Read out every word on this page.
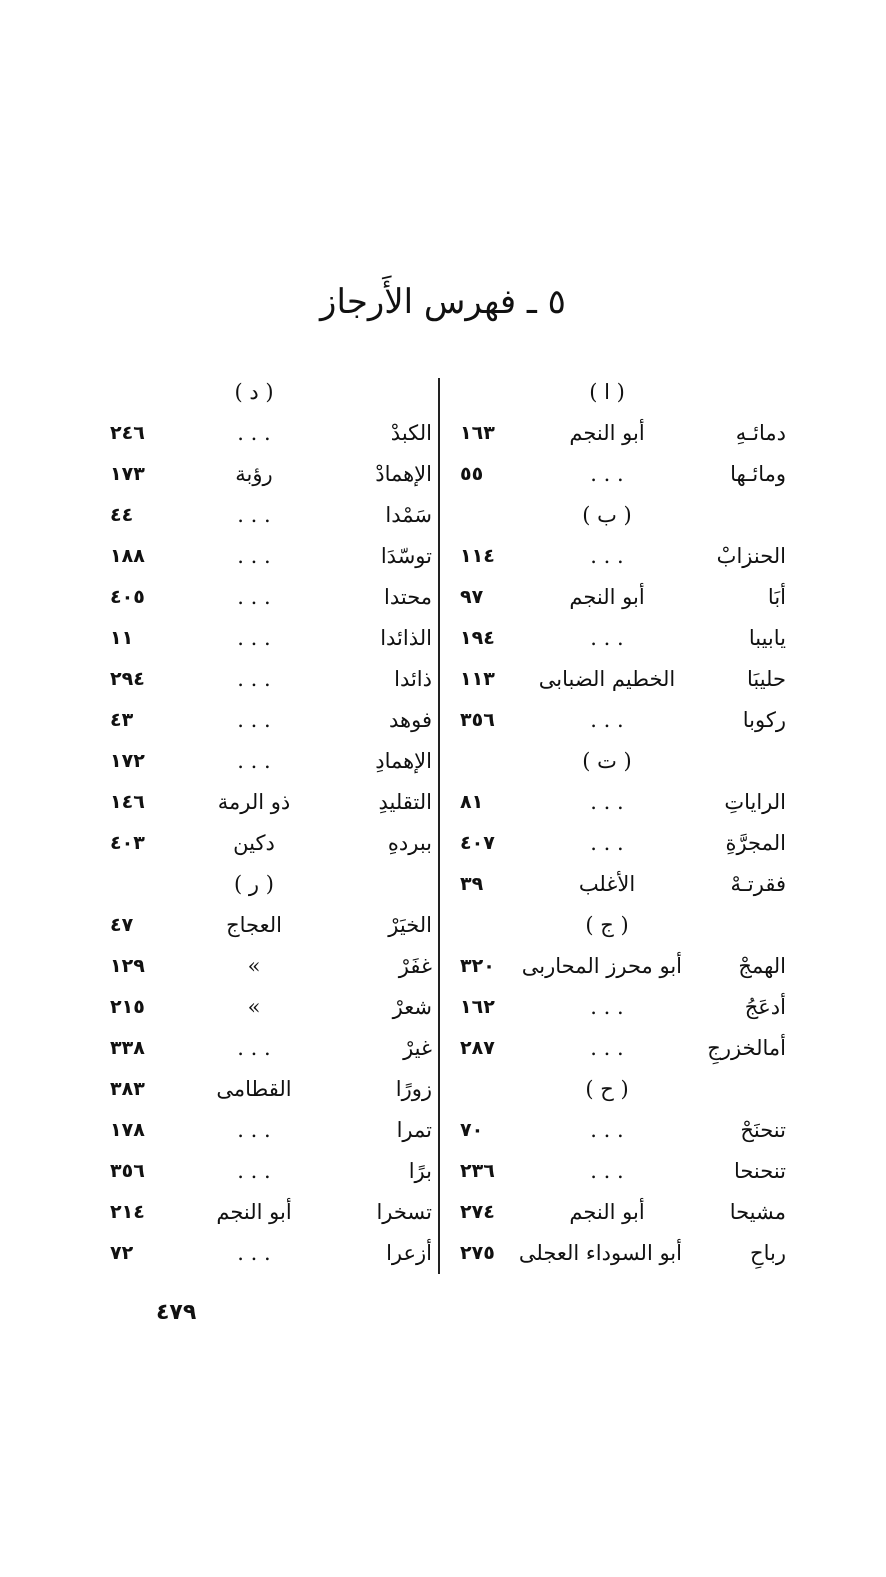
٥ ـ فهرس الأَرجاز
( ا )
دمائـهِ
أبو النجم
١٦٣
ومائـها
. . .
٥٥
( ب )
الحنزابْ
. . .
١١٤
أبَا
أبو النجم
٩٧
يابيبا
. . .
١٩٤
حليبَا
الخطيم الضبابى
١١٣
ركوبا
. . .
٣٥٦
( ت )
الراياتِ
. . .
٨١
المجرَّةِ
. . .
٤٠٧
فقرتـهْ
الأغلب
٣٩
( ج )
الهمجْ
أبو محرز المحاربى
٣٢٠
أدعَجُ
. . .
١٦٢
أمالخزرجِ
. . .
٢٨٧
( ح )
تنحنَحْ
. . .
٧٠
تنحنحا
. . .
٢٣٦
مشيحا
أبو النجم
٢٧٤
رباحِ
أبو السوداء العجلى
٢٧٥
( د )
الكبدْ
. . .
٢٤٦
الإهمادْ
رؤبة
١٧٣
سَمْدا
. . .
٤٤
توسّدَا
. . .
١٨٨
محتدا
. . .
٤٠٥
الذائدا
. . .
١١
ذائدا
. . .
٢٩٤
فوهد
. . .
٤٣
الإهمادِ
. . .
١٧٢
التقليدِ
ذو الرمة
١٤٦
ببردهِ
دكين
٤٠٣
( ر )
الخيَرْ
العجاج
٤٧
غفَرْ
»
١٢٩
شعرْ
»
٢١٥
غيرْ
. . .
٣٣٨
زورًا
القطامى
٣٨٣
تمرا
. . .
١٧٨
برًا
. . .
٣٥٦
تسخرا
أبو النجم
٢١٤
أزعرا
. . .
٧٢
٤٧٩
